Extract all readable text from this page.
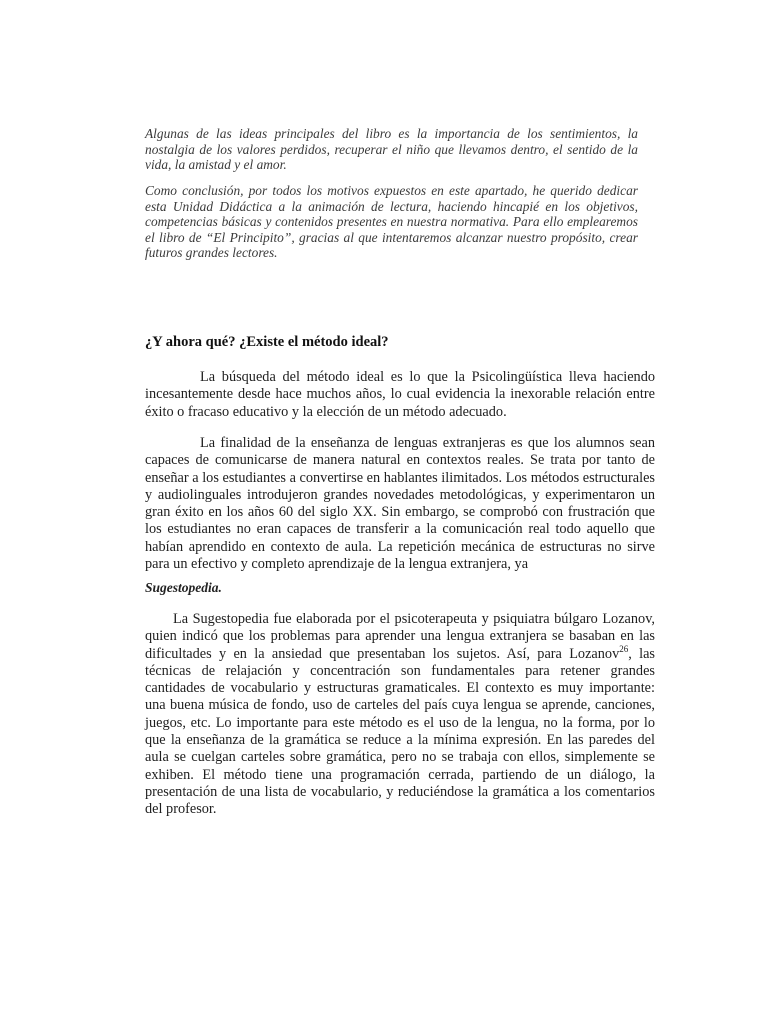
Algunas de las ideas principales del libro es la importancia de los sentimientos, la nostalgia de los valores perdidos, recuperar el niño que llevamos dentro, el sentido de la vida, la amistad y el amor.

Como conclusión, por todos los motivos expuestos en este apartado, he querido dedicar esta Unidad Didáctica a la animación de lectura, haciendo hincapié en los objetivos, competencias básicas y contenidos presentes en nuestra normativa. Para ello emplearemos el libro de “El Principito”, gracias al que intentaremos alcanzar nuestro propósito, crear futuros grandes lectores.

¿Y ahora qué? ¿Existe el método ideal?

La búsqueda del método ideal es lo que la Psicolingüística lleva haciendo incesantemente desde hace muchos años, lo cual evidencia la inexorable relación entre éxito o fracaso educativo y la elección de un método adecuado.

La finalidad de la enseñanza de lenguas extranjeras es que los alumnos sean capaces de comunicarse de manera natural en contextos reales. Se trata por tanto de enseñar a los estudiantes a convertirse en hablantes ilimitados. Los métodos estructurales y audiolinguales introdujeron grandes novedades metodológicas, y experimentaron un gran éxito en los años 60 del siglo XX. Sin embargo, se comprobó con frustración que los estudiantes no eran capaces de transferir a la comunicación real todo aquello que habían aprendido en contexto de aula. La repetición mecánica de estructuras no sirve para un efectivo y completo aprendizaje de la lengua extranjera, ya

Sugestopedia.

La Sugestopedia fue elaborada por el psicoterapeuta y psiquiatra búlgaro Lozanov, quien indicó que los problemas para aprender una lengua extranjera se basaban en las dificultades y en la ansiedad que presentaban los sujetos. Así, para Lozanov$^{26}$, las técnicas de relajación y concentración son fundamentales para retener grandes cantidades de vocabulario y estructuras gramaticales. El contexto es muy importante: una buena música de fondo, uso de carteles del país cuya lengua se aprende, canciones, juegos, etc. Lo importante para este método es el uso de la lengua, no la forma, por lo que la enseñanza de la gramática se reduce a la mínima expresión. En las paredes del aula se cuelgan carteles sobre gramática, pero no se trabaja con ellos, simplemente se exhiben. El método tiene una programación cerrada, partiendo de un diálogo, la presentación de una lista de vocabulario, y reduciéndose la gramática a los comentarios del profesor.
